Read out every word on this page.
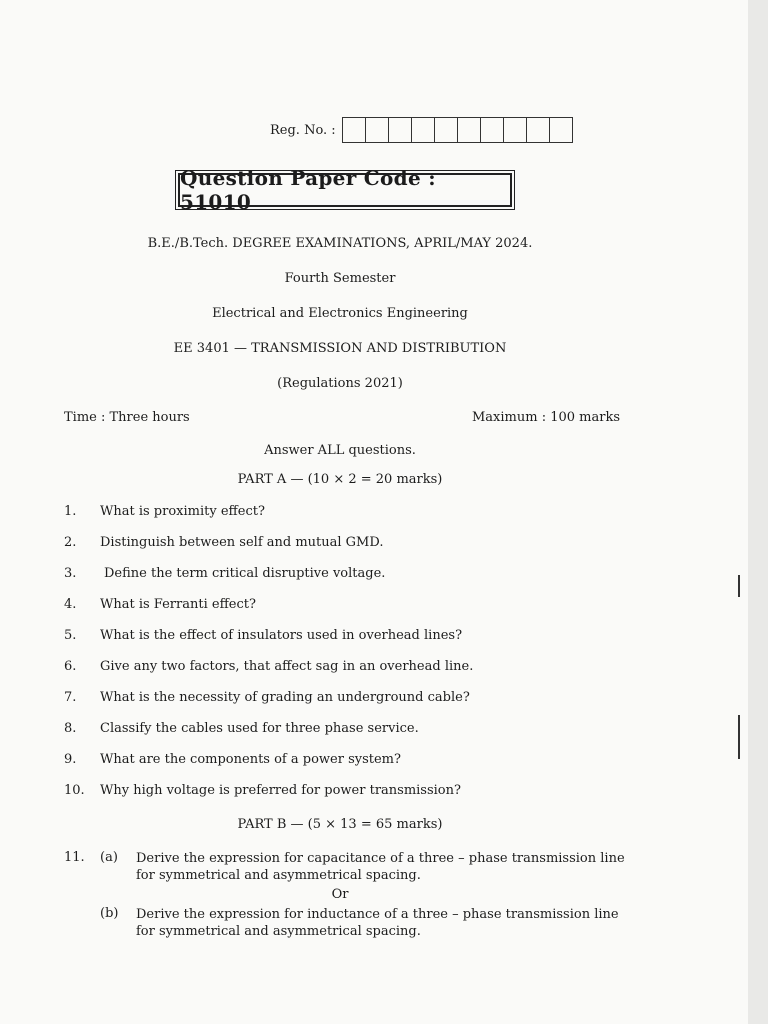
Reg. No. :
Question Paper Code : 51010
B.E./B.Tech. DEGREE EXAMINATIONS, APRIL/MAY 2024.
Fourth Semester
Electrical and Electronics Engineering
EE 3401 — TRANSMISSION AND DISTRIBUTION
(Regulations 2021)
Time : Three hours	Maximum : 100 marks
Answer ALL questions.
PART A — (10 × 2 = 20 marks)
1.	What is proximity effect?
2.	Distinguish between self and mutual GMD.
3.	Define the term critical disruptive voltage.
4.	What is Ferranti effect?
5.	What is the effect of insulators used in overhead lines?
6.	Give any two factors, that affect sag in an overhead line.
7.	What is the necessity of grading an underground cable?
8.	Classify the cables used for three phase service.
9.	What are the components of a power system?
10.	Why high voltage is preferred for power transmission?
PART B — (5 × 13 = 65 marks)
11.	(a)	Derive the expression for capacitance of a three – phase transmission line for symmetrical and asymmetrical spacing.
Or
(b)	Derive the expression for inductance of a three – phase transmission line for symmetrical and asymmetrical spacing.
